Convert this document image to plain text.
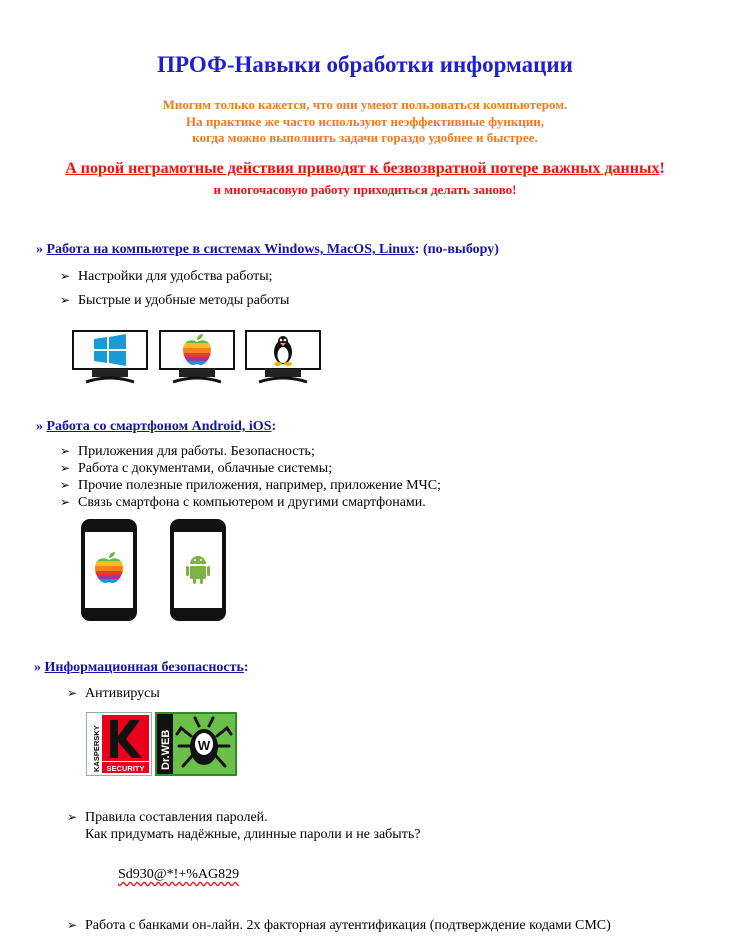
ПРОФ-Навыки обработки информации
Многим только кажется, что они умеют пользоваться компьютером.
На практике же часто используют неэффективные функции,
когда можно выполнить задачи гораздо удобнее и быстрее.
А порой неграмотные действия приводят к безвозвратной потере важных данных!
и многочасовую работу приходиться делать заново!
» Работа на компьютере в системах Windows, MacOS, Linux: (по-выбору)
➢ Настройки для удобства работы;
➢ Быстрые и удобные методы работы
» Работа со смартфоном Android, iOS:
➢ Приложения для работы. Безопасность;
➢ Работа с документами, облачные системы;
➢ Прочие полезные приложения, например, приложение МЧС;
➢ Связь смартфона с компьютером и другими смартфонами.
» Информационная безопасность:
➢ Антивирусы
KASPERSKY SECURITY Dr.WEB W
➢ Правила составления паролей.
Как придумать надёжные, длинные пароли и не забыть?
Sd930@*!+%AG829
➢ Работа с банками он-лайн. 2х факторная аутентификация (подтверждение кодами СМС)
